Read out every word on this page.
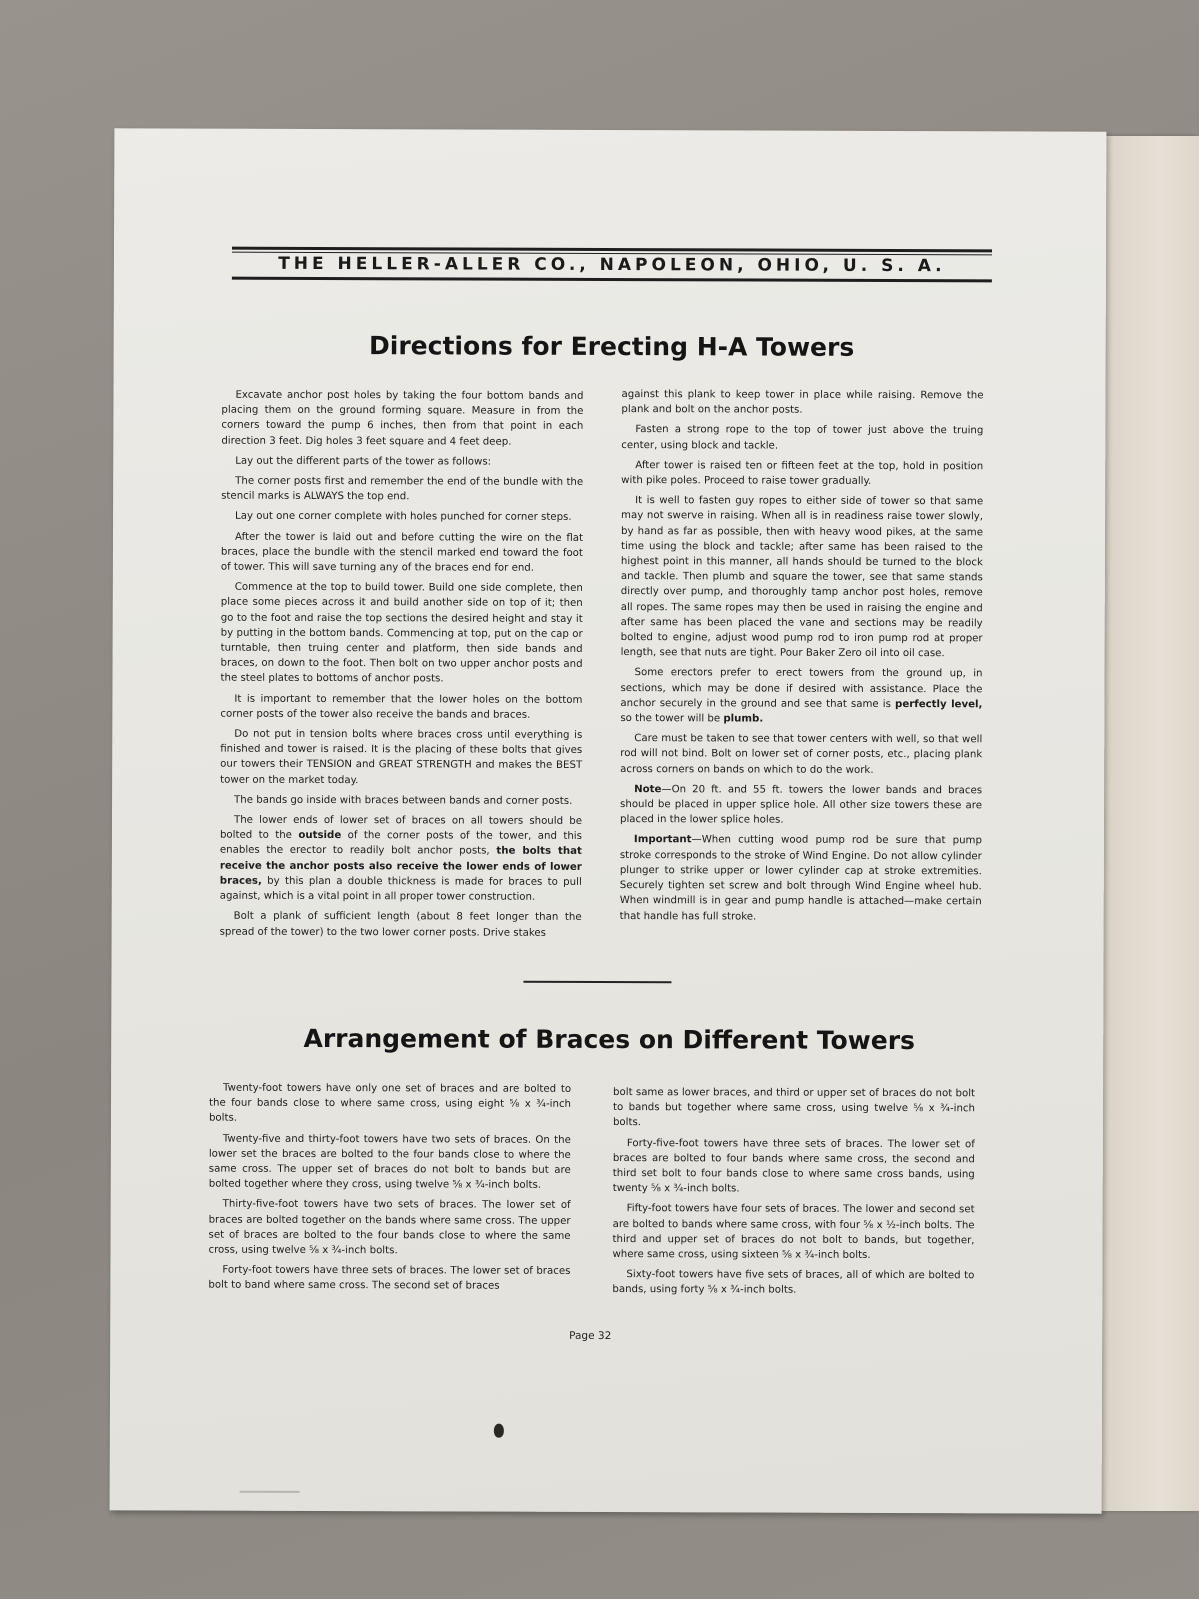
THE HELLER-ALLER CO., NAPOLEON, OHIO, U. S. A.
Directions for Erecting H-A Towers

Excavate anchor post holes by taking the four bottom bands and placing them on the ground forming square. Measure in from the corners toward the pump 6 inches, then from that point in each direction 3 feet. Dig holes 3 feet square and 4 feet deep.

Lay out the different parts of the tower as follows:

The corner posts first and remember the end of the bundle with the stencil marks is ALWAYS the top end.

Lay out one corner complete with holes punched for corner steps.

After the tower is laid out and before cutting the wire on the flat braces, place the bundle with the stencil marked end toward the foot of tower. This will save turning any of the braces end for end.

Commence at the top to build tower. Build one side complete, then place some pieces across it and build another side on top of it; then go to the foot and raise the top sections the desired height and stay it by putting in the bottom bands. Commencing at top, put on the cap or turntable, then truing center and platform, then side bands and braces, on down to the foot. Then bolt on two upper anchor posts and the steel plates to bottoms of anchor posts.

It is important to remember that the lower holes on the bottom corner posts of the tower also receive the bands and braces.

Do not put in tension bolts where braces cross until everything is finished and tower is raised. It is the placing of these bolts that gives our towers their TENSION and GREAT STRENGTH and makes the BEST tower on the market today.

The bands go inside with braces between bands and corner posts.

The lower ends of lower set of braces on all towers should be bolted to the outside of the corner posts of the tower, and this enables the erector to readily bolt anchor posts, the bolts that receive the anchor posts also receive the lower ends of lower braces, by this plan a double thickness is made for braces to pull against, which is a vital point in all proper tower construction.

Bolt a plank of sufficient length (about 8 feet longer than the spread of the tower) to the two lower corner posts. Drive stakes

against this plank to keep tower in place while raising. Remove the plank and bolt on the anchor posts.

Fasten a strong rope to the top of tower just above the truing center, using block and tackle.

After tower is raised ten or fifteen feet at the top, hold in position with pike poles. Proceed to raise tower gradually.

It is well to fasten guy ropes to either side of tower so that same may not swerve in raising. When all is in readiness raise tower slowly, by hand as far as possible, then with heavy wood pikes, at the same time using the block and tackle; after same has been raised to the highest point in this manner, all hands should be turned to the block and tackle. Then plumb and square the tower, see that same stands directly over pump, and thoroughly tamp anchor post holes, remove all ropes. The same ropes may then be used in raising the engine and after same has been placed the vane and sections may be readily bolted to engine, adjust wood pump rod to iron pump rod at proper length, see that nuts are tight. Pour Baker Zero oil into oil case.

Some erectors prefer to erect towers from the ground up, in sections, which may be done if desired with assistance. Place the anchor securely in the ground and see that same is perfectly level, so the tower will be plumb.

Care must be taken to see that tower centers with well, so that well rod will not bind. Bolt on lower set of corner posts, etc., placing plank across corners on bands on which to do the work.

Note—On 20 ft. and 55 ft. towers the lower bands and braces should be placed in upper splice hole. All other size towers these are placed in the lower splice holes.

Important—When cutting wood pump rod be sure that pump stroke corresponds to the stroke of Wind Engine. Do not allow cylinder plunger to strike upper or lower cylinder cap at stroke extremities. Securely tighten set screw and bolt through Wind Engine wheel hub. When windmill is in gear and pump handle is attached—make certain that handle has full stroke.

Arrangement of Braces on Different Towers

Twenty-foot towers have only one set of braces and are bolted to the four bands close to where same cross, using eight ⅝ x ¾-inch bolts.

Twenty-five and thirty-foot towers have two sets of braces. On the lower set the braces are bolted to the four bands close to where the same cross. The upper set of braces do not bolt to bands but are bolted together where they cross, using twelve ⅝ x ¾-inch bolts.

Thirty-five-foot towers have two sets of braces. The lower set of braces are bolted together on the bands where same cross. The upper set of braces are bolted to the four bands close to where the same cross, using twelve ⅝ x ¾-inch bolts.

Forty-foot towers have three sets of braces. The lower set of braces bolt to band where same cross. The second set of braces

bolt same as lower braces, and third or upper set of braces do not bolt to bands but together where same cross, using twelve ⅝ x ¾-inch bolts.

Forty-five-foot towers have three sets of braces. The lower set of braces are bolted to four bands where same cross, the second and third set bolt to four bands close to where same cross bands, using twenty ⅝ x ¾-inch bolts.

Fifty-foot towers have four sets of braces. The lower and second set are bolted to bands where same cross, with four ⅝ x ½-inch bolts. The third and upper set of braces do not bolt to bands, but together, where same cross, using sixteen ⅝ x ¾-inch bolts.

Sixty-foot towers have five sets of braces, all of which are bolted to bands, using forty ⅝ x ¾-inch bolts.

Page 32
